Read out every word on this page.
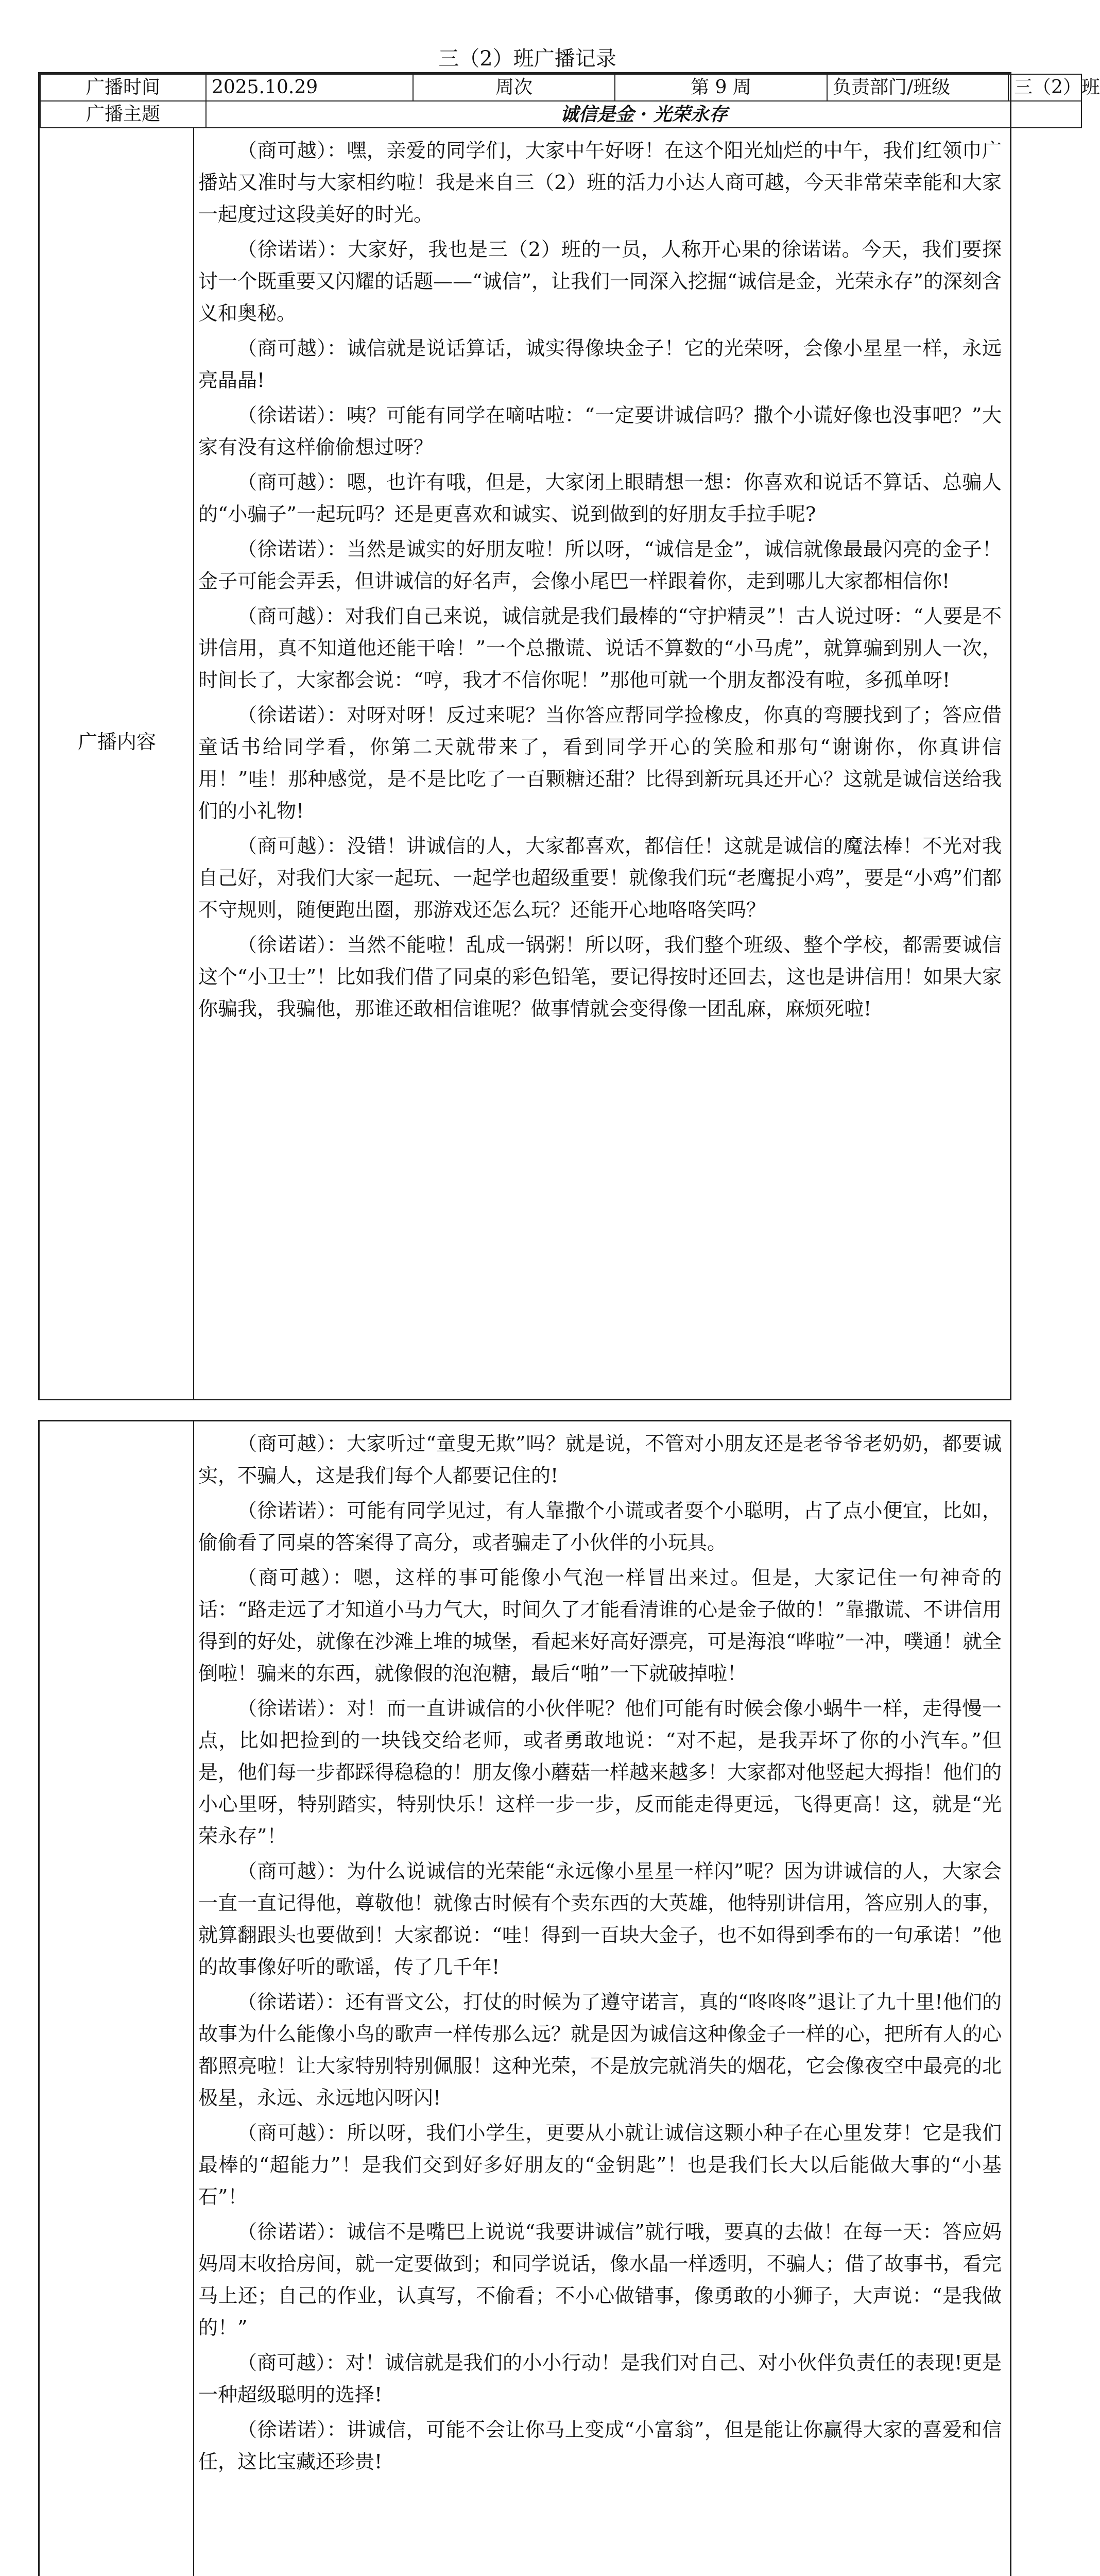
三（2）班广播记录
广播时间	2025.10.29	周次	第 9 周	负责部门/班级	三（2）班
广播主题	诚信是金 · 光荣永存				
广播内容

（商可越）：嘿，亲爱的同学们，大家中午好呀！在这个阳光灿烂的中午，我们红领巾广播站又准时与大家相约啦！我是来自三（2）班的活力小达人商可越，今天非常荣幸能和大家一起度过这段美好的时光。

（徐诺诺）：大家好，我也是三（2）班的一员，人称开心果的徐诺诺。今天，我们要探讨一个既重要又闪耀的话题——“诚信”，让我们一同深入挖掘“诚信是金，光荣永存”的深刻含义和奥秘。

（商可越）：诚信就是说话算话，诚实得像块金子！它的光荣呀，会像小星星一样，永远亮晶晶!

（徐诺诺）：咦？可能有同学在嘀咕啦：“一定要讲诚信吗？撒个小谎好像也没事吧？”大家有没有这样偷偷想过呀？

（商可越）：嗯，也许有哦，但是，大家闭上眼睛想一想：你喜欢和说话不算话、总骗人的“小骗子”一起玩吗？还是更喜欢和诚实、说到做到的好朋友手拉手呢?

（徐诺诺）：当然是诚实的好朋友啦！所以呀，“诚信是金”，诚信就像最最闪亮的金子！金子可能会弄丢，但讲诚信的好名声，会像小尾巴一样跟着你，走到哪儿大家都相信你!

（商可越）：对我们自己来说，诚信就是我们最棒的“守护精灵”！古人说过呀：“人要是不讲信用，真不知道他还能干啥！”一个总撒谎、说话不算数的“小马虎”，就算骗到别人一次，时间长了，大家都会说：“哼，我才不信你呢！”那他可就一个朋友都没有啦，多孤单呀!

（徐诺诺）：对呀对呀！反过来呢？当你答应帮同学捡橡皮，你真的弯腰找到了；答应借童话书给同学看，你第二天就带来了，看到同学开心的笑脸和那句“谢谢你，你真讲信用！”哇！那种感觉，是不是比吃了一百颗糖还甜？比得到新玩具还开心？这就是诚信送给我们的小礼物!

（商可越）：没错！讲诚信的人，大家都喜欢，都信任！这就是诚信的魔法棒！不光对我自己好，对我们大家一起玩、一起学也超级重要！就像我们玩“老鹰捉小鸡”，要是“小鸡”们都不守规则，随便跑出圈，那游戏还怎么玩？还能开心地咯咯笑吗？

（徐诺诺）：当然不能啦！乱成一锅粥！所以呀，我们整个班级、整个学校，都需要诚信这个“小卫士”！比如我们借了同桌的彩色铅笔，要记得按时还回去，这也是讲信用！如果大家你骗我，我骗他，那谁还敢相信谁呢？做事情就会变得像一团乱麻，麻烦死啦!

（商可越）：大家听过“童叟无欺”吗？就是说，不管对小朋友还是老爷爷老奶奶，都要诚实，不骗人，这是我们每个人都要记住的!

（徐诺诺）：可能有同学见过，有人靠撒个小谎或者耍个小聪明，占了点小便宜，比如，偷偷看了同桌的答案得了高分，或者骗走了小伙伴的小玩具。

（商可越）：嗯，这样的事可能像小气泡一样冒出来过。但是，大家记住一句神奇的话：“路走远了才知道小马力气大，时间久了才能看清谁的心是金子做的！”靠撒谎、不讲信用得到的好处，就像在沙滩上堆的城堡，看起来好高好漂亮，可是海浪“哗啦”一冲，噗通！就全倒啦！骗来的东西，就像假的泡泡糖，最后“啪”一下就破掉啦！

（徐诺诺）：对！而一直讲诚信的小伙伴呢？他们可能有时候会像小蜗牛一样，走得慢一点，比如把捡到的一块钱交给老师，或者勇敢地说：“对不起，是我弄坏了你的小汽车。”但是，他们每一步都踩得稳稳的！朋友像小蘑菇一样越来越多！大家都对他竖起大拇指！他们的小心里呀，特别踏实，特别快乐！这样一步一步，反而能走得更远，飞得更高！这，就是“光荣永存”！

（商可越）：为什么说诚信的光荣能“永远像小星星一样闪”呢？因为讲诚信的人，大家会一直一直记得他，尊敬他！就像古时候有个卖东西的大英雄，他特别讲信用，答应别人的事，就算翻跟头也要做到！大家都说：“哇！得到一百块大金子，也不如得到季布的一句承诺！”他的故事像好听的歌谣，传了几千年!

（徐诺诺）：还有晋文公，打仗的时候为了遵守诺言，真的“咚咚咚”退让了九十里!他们的故事为什么能像小鸟的歌声一样传那么远？就是因为诚信这种像金子一样的心，把所有人的心都照亮啦！让大家特别特别佩服！这种光荣，不是放完就消失的烟花，它会像夜空中最亮的北极星，永远、永远地闪呀闪!

（商可越）：所以呀，我们小学生，更要从小就让诚信这颗小种子在心里发芽！它是我们最棒的“超能力”！是我们交到好多好朋友的“金钥匙”！也是我们长大以后能做大事的“小基石”！

（徐诺诺）：诚信不是嘴巴上说说“我要讲诚信”就行哦，要真的去做！在每一天：答应妈妈周末收拾房间，就一定要做到；和同学说话，像水晶一样透明，不骗人；借了故事书，看完马上还；自己的作业，认真写，不偷看；不小心做错事，像勇敢的小狮子，大声说：“是我做的！”

（商可越）：对！诚信就是我们的小小行动！是我们对自己、对小伙伴负责任的表现!更是一种超级聪明的选择!

（徐诺诺）：讲诚信，可能不会让你马上变成“小富翁”，但是能让你赢得大家的喜爱和信任，这比宝藏还珍贵!
